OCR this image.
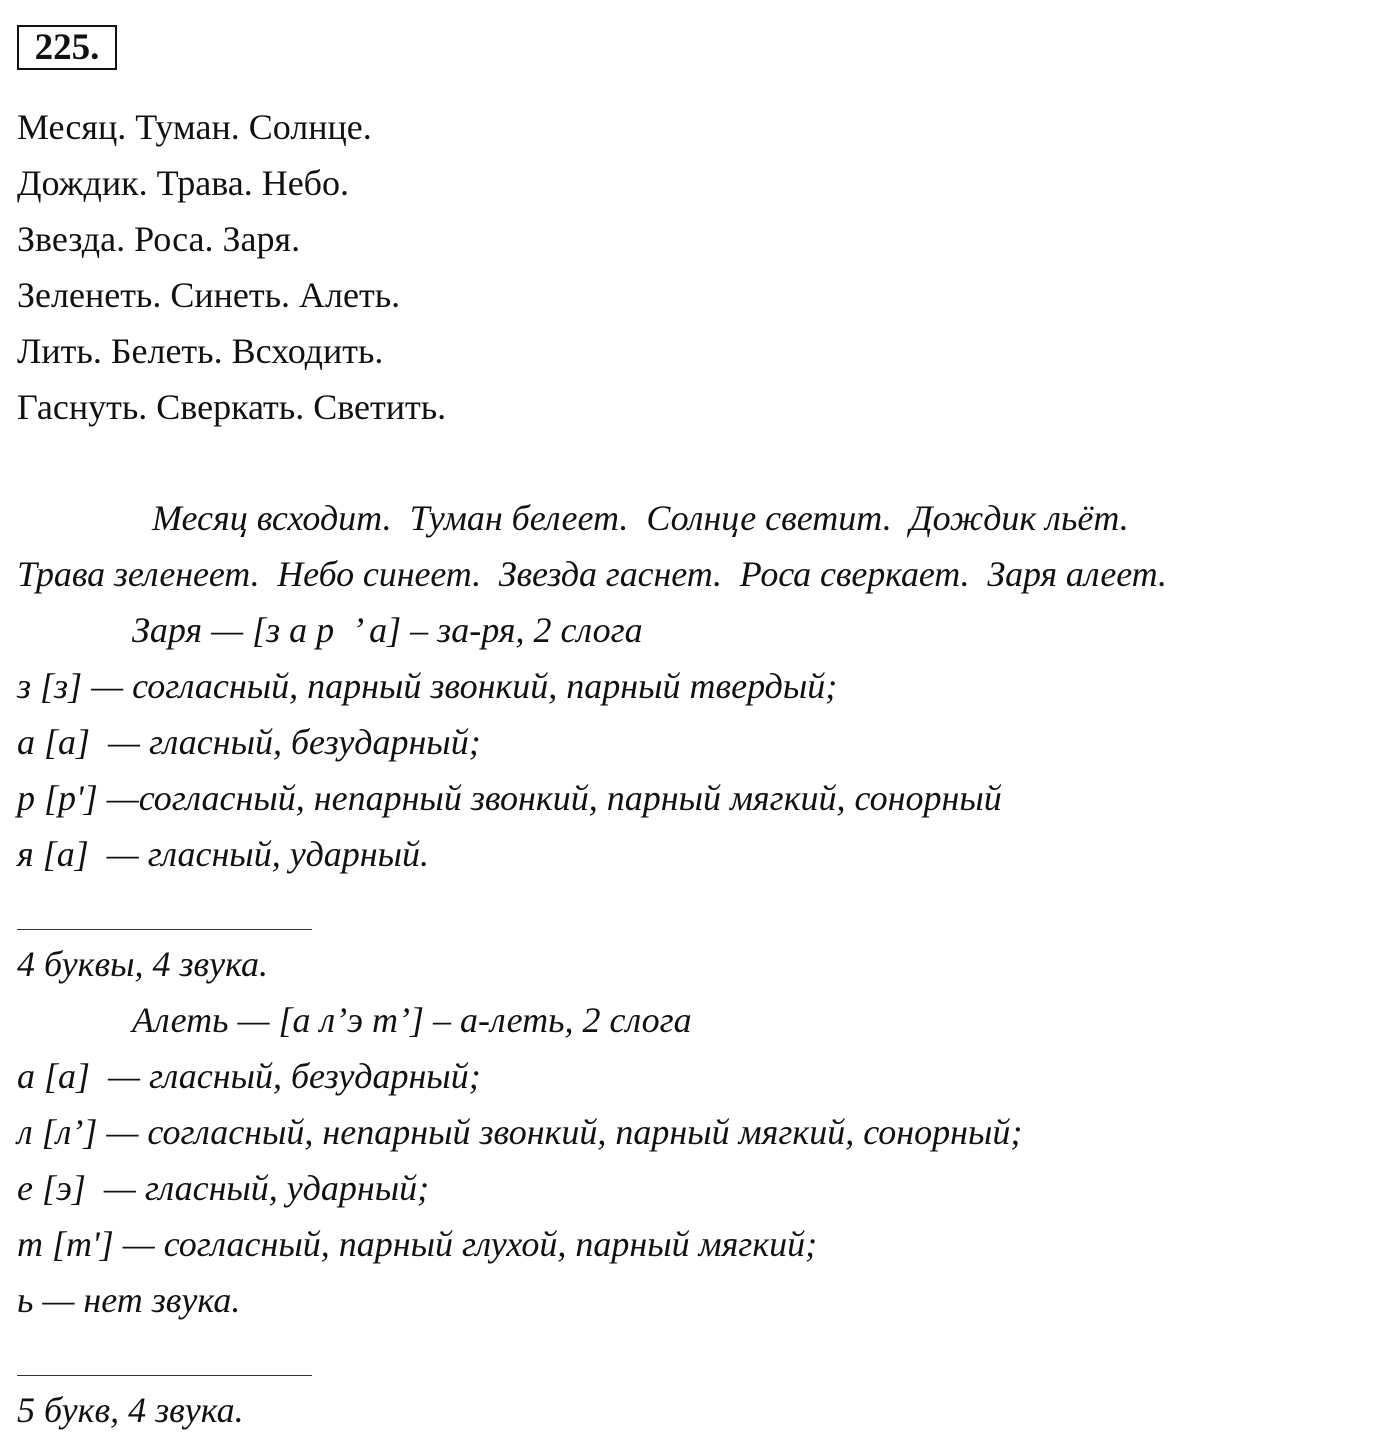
225.
Месяц. Туман. Солнце.
Дождик. Трава. Небо.
Звезда. Роса. Заря.
Зеленеть. Синеть. Алеть.
Лить. Белеть. Всходить.
Гаснуть. Сверкать. Светить.
Месяц всходит.  Туман белеет.  Солнце светит.  Дождик льёт.
Трава зеленеет.  Небо синеет.  Звезда гаснет.  Роса сверкает.  Заря алеет.
Заря — [з а р  ’ а] – за-ря, 2 слога
з [з] — согласный, парный звонкий, парный твердый;
а [а]  — гласный, безударный;
р [р'] —согласный, непарный звонкий, парный мягкий, сонорный
я [а]  — гласный, ударный.
4 буквы, 4 звука.
Алеть — [а л’э т’] – а-леть, 2 слога
а [а]  — гласный, безударный;
л [л’] — согласный, непарный звонкий, парный мягкий, сонорный;
е [э]  — гласный, ударный;
т [т'] — согласный, парный глухой, парный мягкий;
ь — нет звука.
5 букв, 4 звука.
